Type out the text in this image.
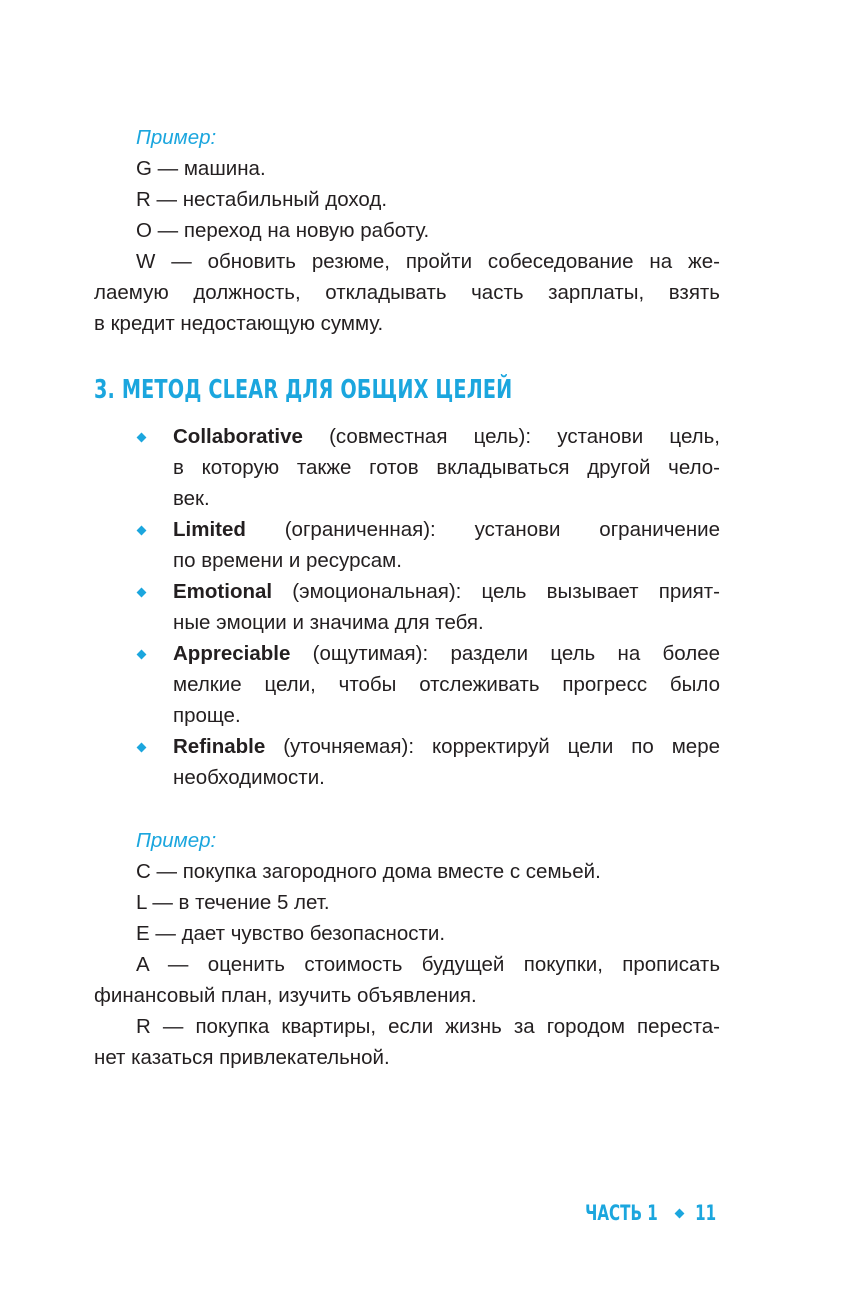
Пример:
G — машина.
R — нестабильный доход.
O — переход на новую работу.
W — обновить резюме, пройти собеседование на же-
лаемую должность, откладывать часть зарплаты, взять
в кредит недостающую сумму.
3. МЕТОД CLEAR ДЛЯ ОБЩИХ ЦЕЛЕЙ
Collaborative (совместная цель): установи цель,
в которую также готов вкладываться другой чело-
век.
Limited (ограниченная): установи ограничение
по времени и ресурсам.
Emotional (эмоциональная): цель вызывает прият-
ные эмоции и значима для тебя.
Appreciable (ощутимая): раздели цель на более
мелкие цели, чтобы отслеживать прогресс было
проще.
Refinable (уточняемая): корректируй цели по мере
необходимости.
Пример:
C — покупка загородного дома вместе с семьей.
L — в течение 5 лет.
E — дает чувство безопасности.
A — оценить стоимость будущей покупки, прописать
финансовый план, изучить объявления.
R — покупка квартиры, если жизнь за городом переста-
нет казаться привлекательной.
ЧАСТЬ 1 11
